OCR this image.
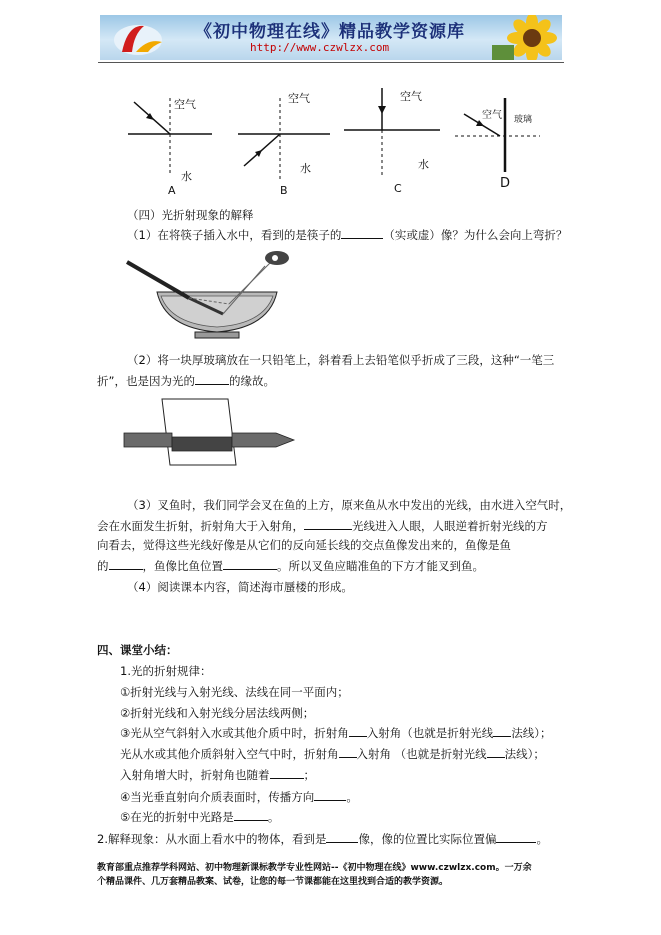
《初中物理在线》精品教学资源库
http://www.czwlzx.com
空气
水
A
空气
水
B
空气
水
C
空气 玻璃
D
（四）光折射现象的解释
（1）在将筷子插入水中，看到的是筷子的	（实或虚）像？为什么会向上弯折？
（2）将一块厚玻璃放在一只铅笔上，斜着看上去铅笔似乎折成了三段，这种“一笔三
折”，也是因为光的	的缘故。
（3）叉鱼时，我们同学会叉在鱼的上方，原来鱼从水中发出的光线，由水进入空气时，
会在水面发生折射，折射角大于入射角，	光线进入人眼，人眼逆着折射光线的方
向看去，觉得这些光线好像是从它们的反向延长线的交点鱼像发出来的，鱼像是鱼
的	，鱼像比鱼位置	。所以叉鱼应瞄准鱼的下方才能叉到鱼。
（4）阅读课本内容，简述海市蜃楼的形成。
四、课堂小结：
1.光的折射规律：
①折射光线与入射光线、法线在同一平面内；
②折射光线和入射光线分居法线两侧；
③光从空气斜射入水或其他介质中时，折射角 入射角（也就是折射光线 法线）；
光从水或其他介质斜射入空气中时，折射角 入射角 （也就是折射光线 法线）；
入射角增大时，折射角也随着	；
④当光垂直射向介质表面时，传播方向	。
⑤在光的折射中光路是	。
2.解释现象：从水面上看水中的物体，看到是	像，像的位置比实际位置偏	。
教育部重点推荐学科网站、初中物理新课标教学专业性网站--《初中物理在线》www.czwlzx.com。一万余
个精品课件、几万套精品教案、试卷，让您的每一节课都能在这里找到合适的教学资源。
